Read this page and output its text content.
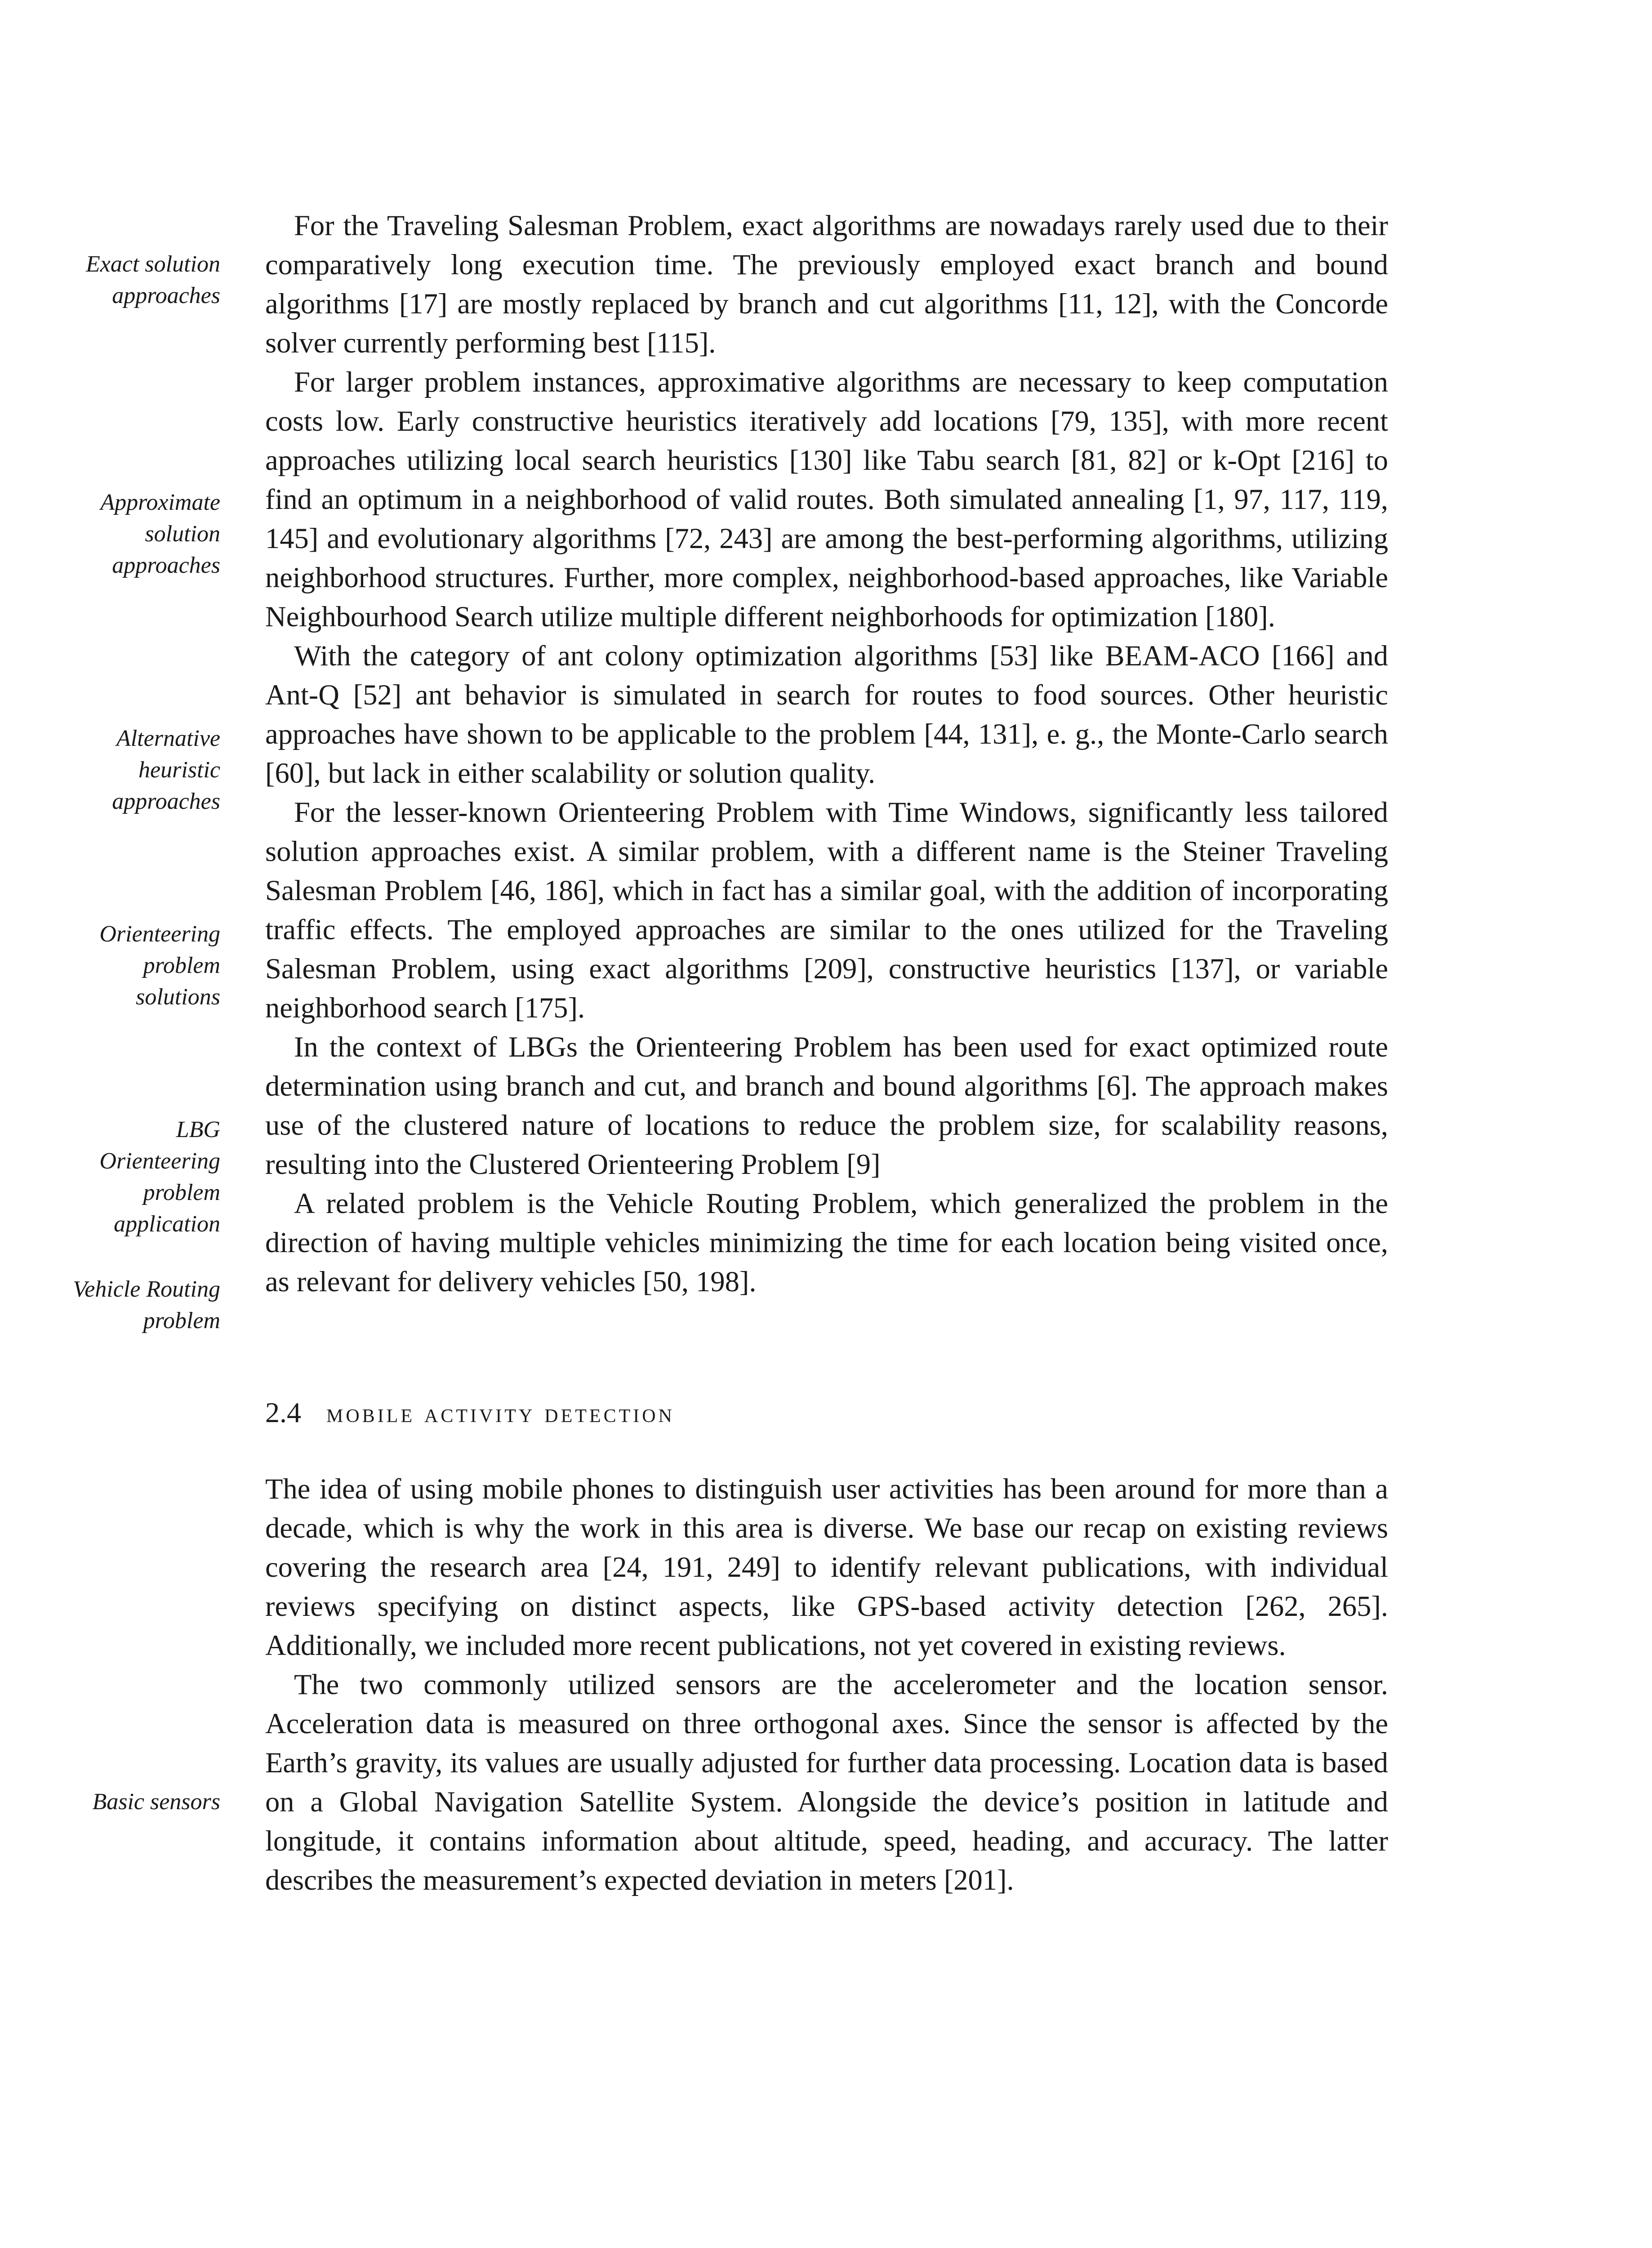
Exact solution approaches
Approximate solution approaches
Alternative heuristic approaches
Orienteering problem solutions
LBG Orienteering problem application
Vehicle Routing problem
Basic sensors

For the Traveling Salesman Problem, exact algorithms are nowadays rarely used due to their comparatively long execution time. The previously employed exact branch and bound algorithms [17] are mostly replaced by branch and cut algorithms [11, 12], with the Concorde solver currently performing best [115].

For larger problem instances, approximative algorithms are necessary to keep computation costs low. Early constructive heuristics iteratively add locations [79, 135], with more recent approaches utilizing local search heuristics [130] like Tabu search [81, 82] or k-Opt [216] to find an optimum in a neighborhood of valid routes. Both simulated annealing [1, 97, 117, 119, 145] and evolutionary algorithms [72, 243] are among the best-performing algorithms, utilizing neighborhood structures. Further, more complex, neighborhood-based approaches, like Variable Neighbourhood Search utilize multiple different neighborhoods for optimization [180].

With the category of ant colony optimization algorithms [53] like BEAM-ACO [166] and Ant-Q [52] ant behavior is simulated in search for routes to food sources. Other heuristic approaches have shown to be applicable to the problem [44, 131], e. g., the Monte-Carlo search [60], but lack in either scalability or solution quality.

For the lesser-known Orienteering Problem with Time Windows, significantly less tailored solution approaches exist. A similar problem, with a different name is the Steiner Traveling Salesman Problem [46, 186], which in fact has a similar goal, with the addition of incorporating traffic effects. The employed approaches are similar to the ones utilized for the Traveling Salesman Problem, using exact algorithms [209], constructive heuristics [137], or variable neighborhood search [175].

In the context of LBGs the Orienteering Problem has been used for exact optimized route determination using branch and cut, and branch and bound algorithms [6]. The approach makes use of the clustered nature of locations to reduce the problem size, for scalability reasons, resulting into the Clustered Orienteering Problem [9]

A related problem is the Vehicle Routing Problem, which generalized the problem in the direction of having multiple vehicles minimizing the time for each location being visited once, as relevant for delivery vehicles [50, 198].

2.4 mobile activity detection

The idea of using mobile phones to distinguish user activities has been around for more than a decade, which is why the work in this area is diverse. We base our recap on existing reviews covering the research area [24, 191, 249] to identify relevant publications, with individual reviews specifying on distinct aspects, like GPS-based activity detection [262, 265]. Additionally, we included more recent publications, not yet covered in existing reviews.

The two commonly utilized sensors are the accelerometer and the location sensor. Acceleration data is measured on three orthogonal axes. Since the sensor is affected by the Earth’s gravity, its values are usually adjusted for further data processing. Location data is based on a Global Navigation Satellite System. Alongside the device’s position in latitude and longitude, it contains information about altitude, speed, heading, and accuracy. The latter describes the measurement’s expected deviation in meters [201].
